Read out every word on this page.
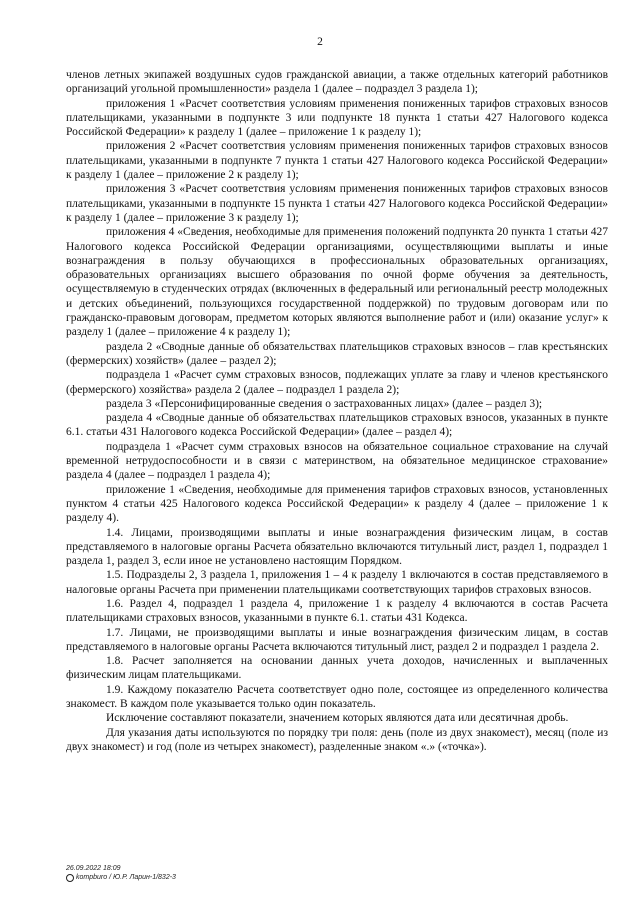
2

членов летных экипажей воздушных судов гражданской авиации, а также отдельных категорий работников организаций угольной промышленности» раздела 1 (далее – подраздел 3 раздела 1);

приложения 1 «Расчет соответствия условиям применения пониженных тарифов страховых взносов плательщиками, указанными в подпункте 3 или подпункте 18 пункта 1 статьи 427 Налогового кодекса Российской Федерации» к разделу 1 (далее – приложение 1 к разделу 1);

приложения 2 «Расчет соответствия условиям применения пониженных тарифов страховых взносов плательщиками, указанными в подпункте 7 пункта 1 статьи 427 Налогового кодекса Российской Федерации» к разделу 1 (далее – приложение 2 к разделу 1);

приложения 3 «Расчет соответствия условиям применения пониженных тарифов страховых взносов плательщиками, указанными в подпункте 15 пункта 1 статьи 427 Налогового кодекса Российской Федерации» к разделу 1 (далее – приложение 3 к разделу 1);

приложения 4 «Сведения, необходимые для применения положений подпункта 20 пункта 1 статьи 427 Налогового кодекса Российской Федерации организациями, осуществляющими выплаты и иные вознаграждения в пользу обучающихся в профессиональных образовательных организациях, образовательных организациях высшего образования по очной форме обучения за деятельность, осуществляемую в студенческих отрядах (включенных в федеральный или региональный реестр молодежных и детских объединений, пользующихся государственной поддержкой) по трудовым договорам или по гражданско-правовым договорам, предметом которых являются выполнение работ и (или) оказание услуг» к разделу 1 (далее – приложение 4 к разделу 1);

раздела 2 «Сводные данные об обязательствах плательщиков страховых взносов – глав крестьянских (фермерских) хозяйств» (далее – раздел 2);

подраздела 1 «Расчет сумм страховых взносов, подлежащих уплате за главу и членов крестьянского (фермерского) хозяйства» раздела 2 (далее – подраздел 1 раздела 2);

раздела 3 «Персонифицированные сведения о застрахованных лицах» (далее – раздел 3);

раздела 4 «Сводные данные об обязательствах плательщиков страховых взносов, указанных в пункте 6.1. статьи 431 Налогового кодекса Российской Федерации» (далее – раздел 4);

подраздела 1 «Расчет сумм страховых взносов на обязательное социальное страхование на случай временной нетрудоспособности и в связи с материнством, на обязательное медицинское страхование» раздела 4 (далее – подраздел 1 раздела 4);

приложение 1 «Сведения, необходимые для применения тарифов страховых взносов, установленных пунктом 4 статьи 425 Налогового кодекса Российской Федерации» к разделу 4 (далее – приложение 1 к разделу 4).

1.4. Лицами, производящими выплаты и иные вознаграждения физическим лицам, в состав представляемого в налоговые органы Расчета обязательно включаются титульный лист, раздел 1, подраздел 1 раздела 1, раздел 3, если иное не установлено настоящим Порядком.

1.5. Подразделы 2, 3 раздела 1, приложения 1 – 4 к разделу 1 включаются в состав представляемого в налоговые органы Расчета при применении плательщиками соответствующих тарифов страховых взносов.

1.6. Раздел 4, подраздел 1 раздела 4, приложение 1 к разделу 4 включаются в состав Расчета плательщиками страховых взносов, указанными в пункте 6.1. статьи 431 Кодекса.

1.7. Лицами, не производящими выплаты и иные вознаграждения физическим лицам, в состав представляемого в налоговые органы Расчета включаются титульный лист, раздел 2 и подраздел 1 раздела 2.

1.8. Расчет заполняется на основании данных учета доходов, начисленных и выплаченных физическим лицам плательщиками.

1.9. Каждому показателю Расчета соответствует одно поле, состоящее из определенного количества знакомест. В каждом поле указывается только один показатель.

Исключение составляют показатели, значением которых являются дата или десятичная дробь.

Для указания даты используются по порядку три поля: день (поле из двух знакомест), месяц (поле из двух знакомест) и год (поле из четырех знакомест), разделенные знаком «.» («точка»).

26.09.2022 18:09
kompburo / Ю.Р. Ларин-1/832-3
